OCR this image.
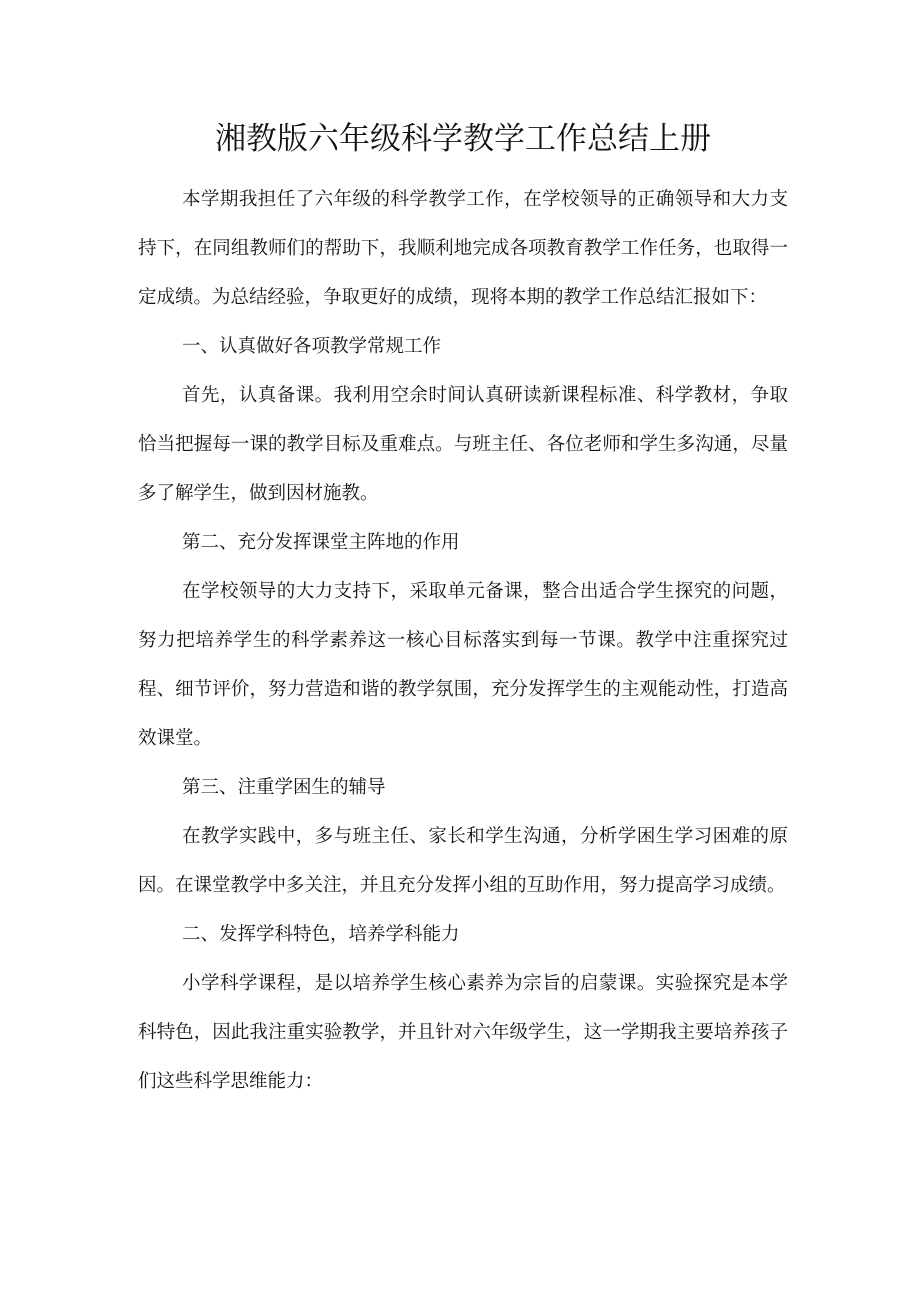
湘教版六年级科学教学工作总结上册

本学期我担任了六年级的科学教学工作，在学校领导的正确领导和大力支持下，在同组教师们的帮助下，我顺利地完成各项教育教学工作任务，也取得一定成绩。为总结经验，争取更好的成绩，现将本期的教学工作总结汇报如下：

一、认真做好各项教学常规工作

首先，认真备课。我利用空余时间认真研读新课程标准、科学教材，争取恰当把握每一课的教学目标及重难点。与班主任、各位老师和学生多沟通，尽量多了解学生，做到因材施教。

第二、充分发挥课堂主阵地的作用

在学校领导的大力支持下，采取单元备课，整合出适合学生探究的问题，努力把培养学生的科学素养这一核心目标落实到每一节课。教学中注重探究过程、细节评价，努力营造和谐的教学氛围，充分发挥学生的主观能动性，打造高效课堂。

第三、注重学困生的辅导

在教学实践中，多与班主任、家长和学生沟通，分析学困生学习困难的原因。在课堂教学中多关注，并且充分发挥小组的互助作用，努力提高学习成绩。

二、发挥学科特色，培养学科能力

小学科学课程，是以培养学生核心素养为宗旨的启蒙课。实验探究是本学科特色，因此我注重实验教学，并且针对六年级学生，这一学期我主要培养孩子们这些科学思维能力：
